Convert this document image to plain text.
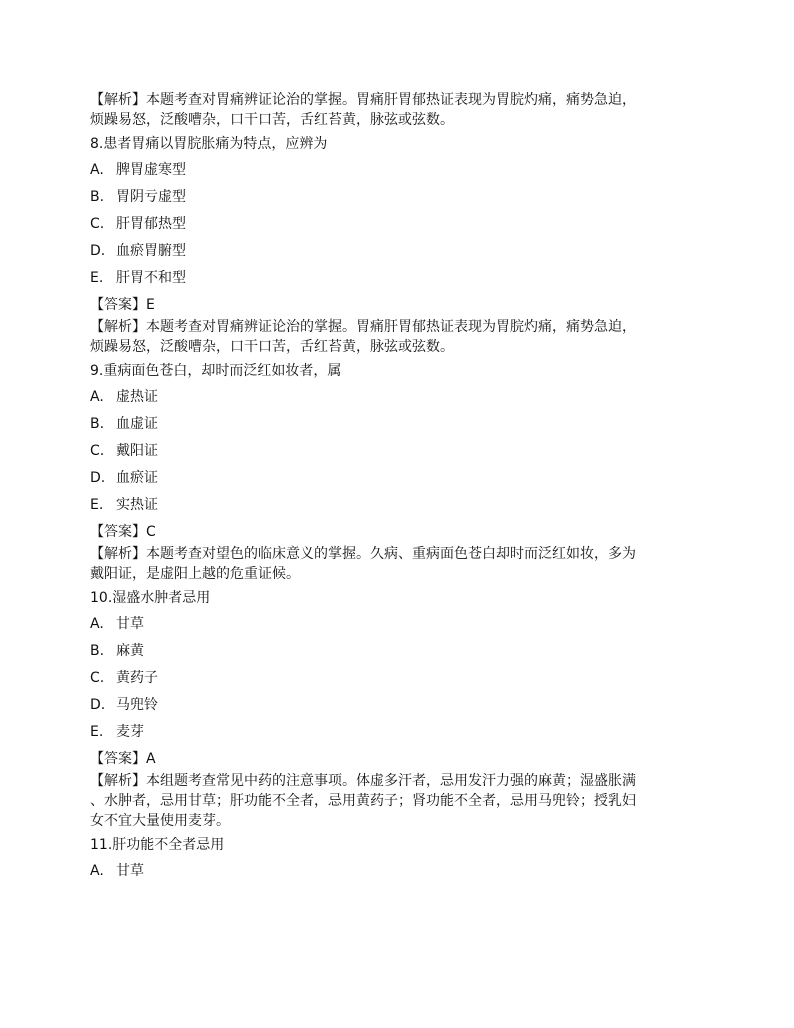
【解析】本题考查对胃痛辨证论治的掌握。胃痛肝胃郁热证表现为胃脘灼痛，痛势急迫，
烦躁易怒，泛酸嘈杂，口干口苦，舌红苔黄，脉弦或弦数。
8.患者胃痛以胃脘胀痛为特点，应辨为
A. 脾胃虚寒型
B. 胃阴亏虚型
C. 肝胃郁热型
D. 血瘀胃腑型
E. 肝胃不和型
【答案】E
【解析】本题考查对胃痛辨证论治的掌握。胃痛肝胃郁热证表现为胃脘灼痛，痛势急迫，
烦躁易怒，泛酸嘈杂，口干口苦，舌红苔黄，脉弦或弦数。
9.重病面色苍白，却时而泛红如妆者，属
A. 虚热证
B. 血虚证
C. 戴阳证
D. 血瘀证
E. 实热证
【答案】C
【解析】本题考查对望色的临床意义的掌握。久病、重病面色苍白却时而泛红如妆，多为
戴阳证，是虚阳上越的危重证候。
10.湿盛水肿者忌用
A. 甘草
B. 麻黄
C. 黄药子
D. 马兜铃
E. 麦芽
【答案】A
【解析】本组题考查常见中药的注意事项。体虚多汗者，忌用发汗力强的麻黄；湿盛胀满
、水肿者，忌用甘草；肝功能不全者，忌用黄药子；肾功能不全者，忌用马兜铃；授乳妇
女不宜大量使用麦芽。
11.肝功能不全者忌用
A. 甘草
